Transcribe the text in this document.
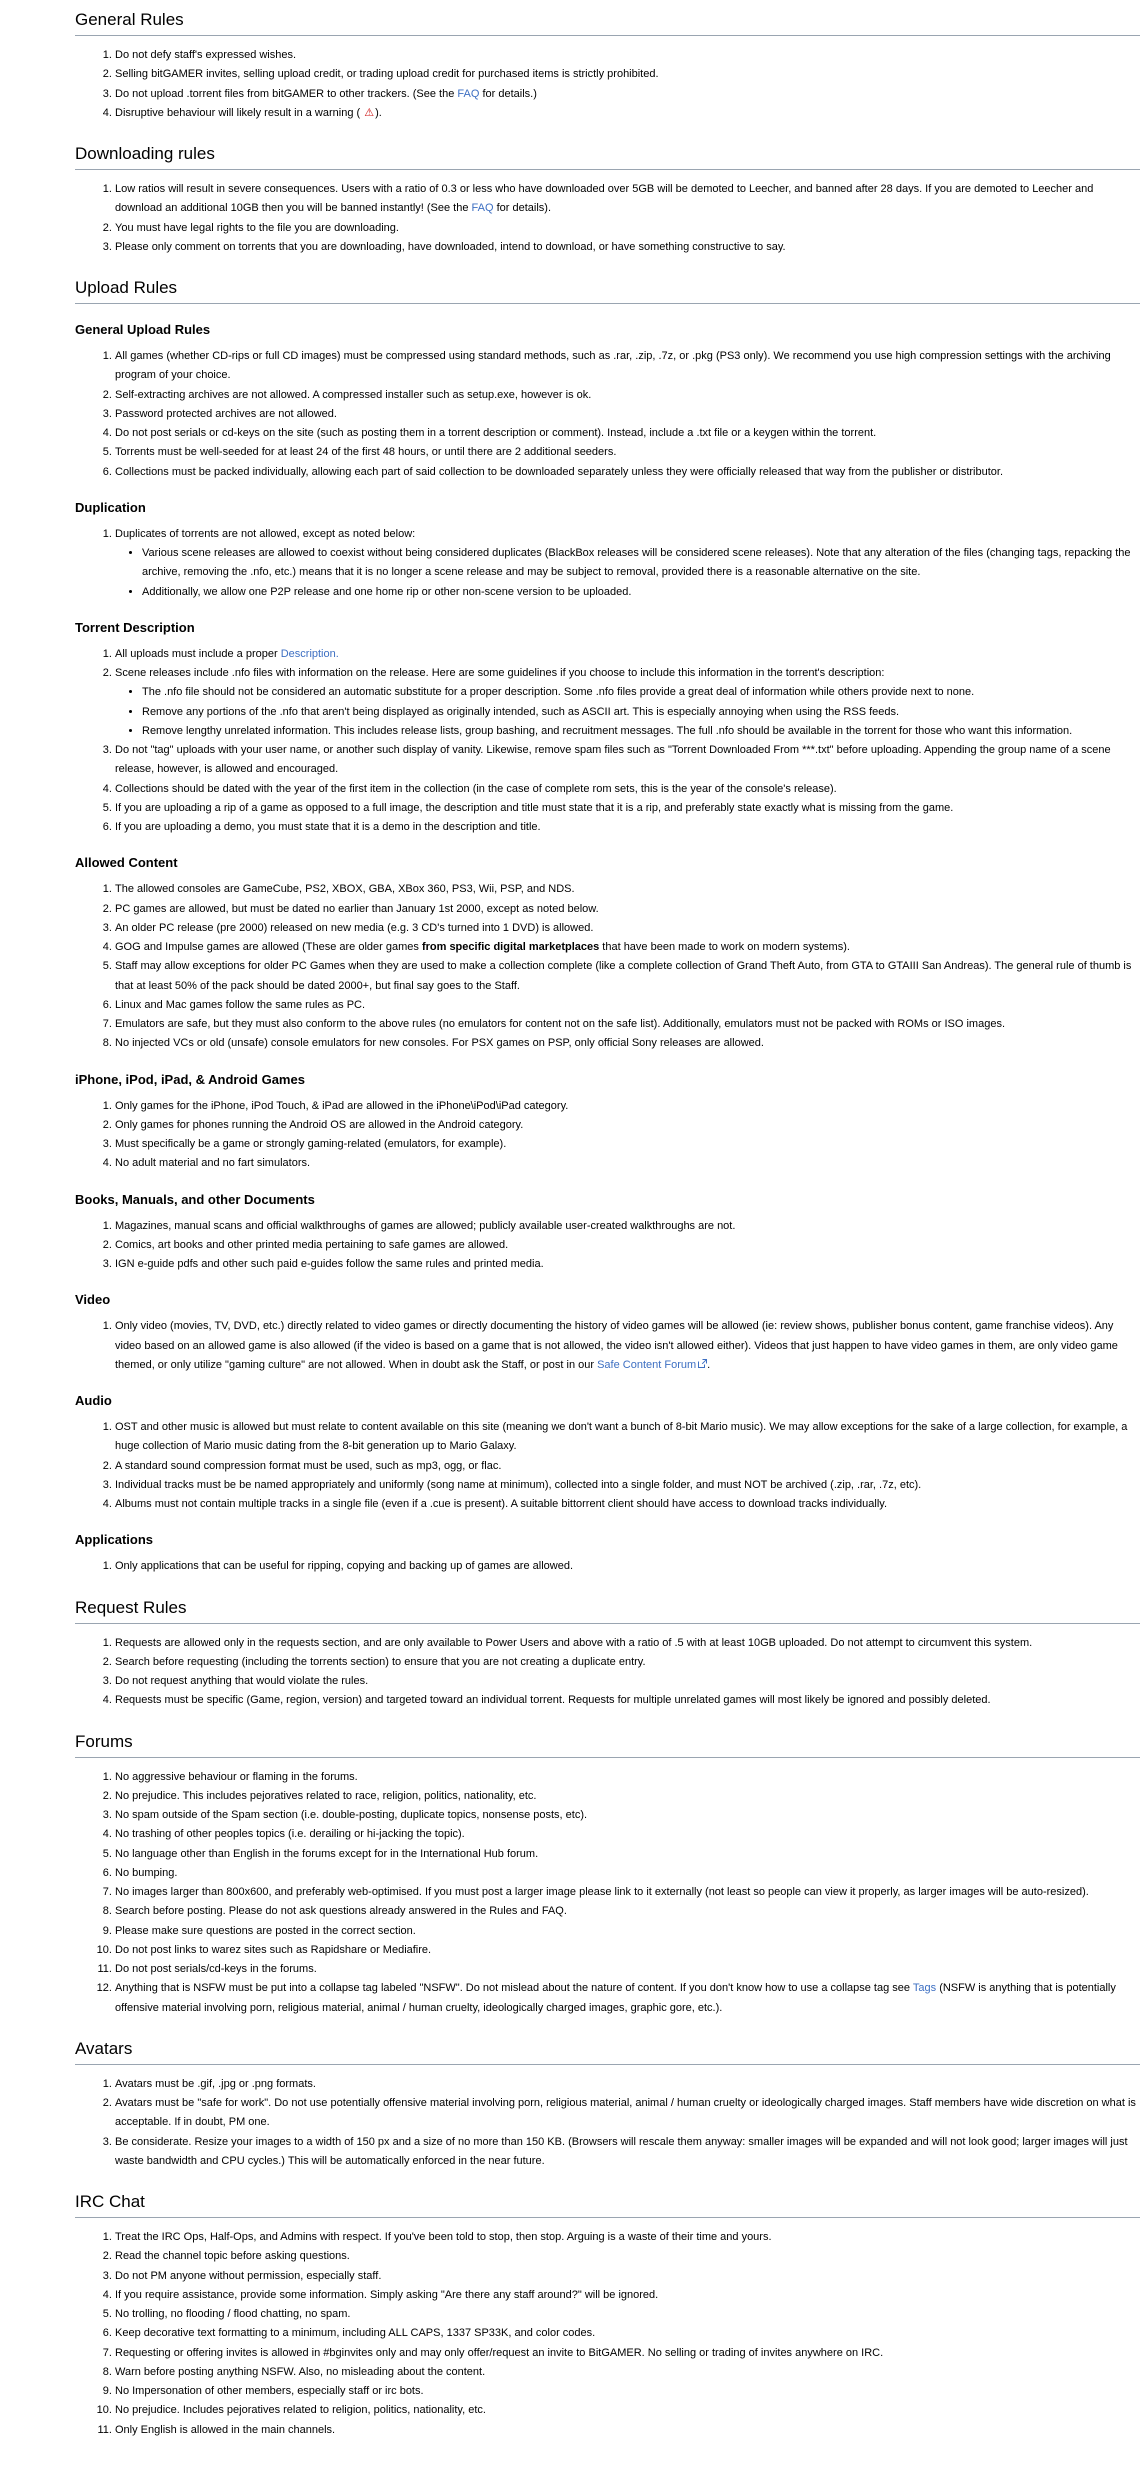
General Rules
1. Do not defy staff's expressed wishes.
2. Selling bitGAMER invites, selling upload credit, or trading upload credit for purchased items is strictly prohibited.
3. Do not upload .torrent files from bitGAMER to other trackers. (See the FAQ for details.)
4. Disruptive behaviour will likely result in a warning ( ⚠).
Downloading rules
1. Low ratios will result in severe consequences. Users with a ratio of 0.3 or less who have downloaded over 5GB will be demoted to Leecher, and banned after 28 days. If you are demoted to Leecher and download an additional 10GB then you will be banned instantly! (See the FAQ for details).
2. You must have legal rights to the file you are downloading.
3. Please only comment on torrents that you are downloading, have downloaded, intend to download, or have something constructive to say.
Upload Rules
General Upload Rules
1. All games (whether CD-rips or full CD images) must be compressed using standard methods, such as .rar, .zip, .7z, or .pkg (PS3 only). We recommend you use high compression settings with the archiving program of your choice.
2. Self-extracting archives are not allowed. A compressed installer such as setup.exe, however is ok.
3. Password protected archives are not allowed.
4. Do not post serials or cd-keys on the site (such as posting them in a torrent description or comment). Instead, include a .txt file or a keygen within the torrent.
5. Torrents must be well-seeded for at least 24 of the first 48 hours, or until there are 2 additional seeders.
6. Collections must be packed individually, allowing each part of said collection to be downloaded separately unless they were officially released that way from the publisher or distributor.
Duplication
1. Duplicates of torrents are not allowed, except as noted below:
• Various scene releases are allowed to coexist without being considered duplicates (BlackBox releases will be considered scene releases). Note that any alteration of the files (changing tags, repacking the archive, removing the .nfo, etc.) means that it is no longer a scene release and may be subject to removal, provided there is a reasonable alternative on the site.
• Additionally, we allow one P2P release and one home rip or other non-scene version to be uploaded.
Torrent Description
1. All uploads must include a proper Description.
2. Scene releases include .nfo files with information on the release. Here are some guidelines if you choose to include this information in the torrent's description:
• The .nfo file should not be considered an automatic substitute for a proper description. Some .nfo files provide a great deal of information while others provide next to none.
• Remove any portions of the .nfo that aren't being displayed as originally intended, such as ASCII art. This is especially annoying when using the RSS feeds.
• Remove lengthy unrelated information. This includes release lists, group bashing, and recruitment messages. The full .nfo should be available in the torrent for those who want this information.
3. Do not "tag" uploads with your user name, or another such display of vanity. Likewise, remove spam files such as "Torrent Downloaded From ***.txt" before uploading. Appending the group name of a scene release, however, is allowed and encouraged.
4. Collections should be dated with the year of the first item in the collection (in the case of complete rom sets, this is the year of the console's release).
5. If you are uploading a rip of a game as opposed to a full image, the description and title must state that it is a rip, and preferably state exactly what is missing from the game.
6. If you are uploading a demo, you must state that it is a demo in the description and title.
Allowed Content
1. The allowed consoles are GameCube, PS2, XBOX, GBA, XBox 360, PS3, Wii, PSP, and NDS.
2. PC games are allowed, but must be dated no earlier than January 1st 2000, except as noted below.
3. An older PC release (pre 2000) released on new media (e.g. 3 CD's turned into 1 DVD) is allowed.
4. GOG and Impulse games are allowed (These are older games from specific digital marketplaces that have been made to work on modern systems).
5. Staff may allow exceptions for older PC Games when they are used to make a collection complete (like a complete collection of Grand Theft Auto, from GTA to GTAIII San Andreas). The general rule of thumb is that at least 50% of the pack should be dated 2000+, but final say goes to the Staff.
6. Linux and Mac games follow the same rules as PC.
7. Emulators are safe, but they must also conform to the above rules (no emulators for content not on the safe list). Additionally, emulators must not be packed with ROMs or ISO images.
8. No injected VCs or old (unsafe) console emulators for new consoles. For PSX games on PSP, only official Sony releases are allowed.
iPhone, iPod, iPad, & Android Games
1. Only games for the iPhone, iPod Touch, & iPad are allowed in the iPhone\iPod\iPad category.
2. Only games for phones running the Android OS are allowed in the Android category.
3. Must specifically be a game or strongly gaming-related (emulators, for example).
4. No adult material and no fart simulators.
Books, Manuals, and other Documents
1. Magazines, manual scans and official walkthroughs of games are allowed; publicly available user-created walkthroughs are not.
2. Comics, art books and other printed media pertaining to safe games are allowed.
3. IGN e-guide pdfs and other such paid e-guides follow the same rules and printed media.
Video
1. Only video (movies, TV, DVD, etc.) directly related to video games or directly documenting the history of video games will be allowed (ie: review shows, publisher bonus content, game franchise videos). Any video based on an allowed game is also allowed (if the video is based on a game that is not allowed, the video isn't allowed either). Videos that just happen to have video games in them, are only video game themed, or only utilize "gaming culture" are not allowed. When in doubt ask the Staff, or post in our Safe Content Forum .
Audio
1. OST and other music is allowed but must relate to content available on this site (meaning we don't want a bunch of 8-bit Mario music). We may allow exceptions for the sake of a large collection, for example, a huge collection of Mario music dating from the 8-bit generation up to Mario Galaxy.
2. A standard sound compression format must be used, such as mp3, ogg, or flac.
3. Individual tracks must be be named appropriately and uniformly (song name at minimum), collected into a single folder, and must NOT be archived (.zip, .rar, .7z, etc).
4. Albums must not contain multiple tracks in a single file (even if a .cue is present). A suitable bittorrent client should have access to download tracks individually.
Applications
1. Only applications that can be useful for ripping, copying and backing up of games are allowed.
Request Rules
1. Requests are allowed only in the requests section, and are only available to Power Users and above with a ratio of .5 with at least 10GB uploaded. Do not attempt to circumvent this system.
2. Search before requesting (including the torrents section) to ensure that you are not creating a duplicate entry.
3. Do not request anything that would violate the rules.
4. Requests must be specific (Game, region, version) and targeted toward an individual torrent. Requests for multiple unrelated games will most likely be ignored and possibly deleted.
Forums
1. No aggressive behaviour or flaming in the forums.
2. No prejudice. This includes pejoratives related to race, religion, politics, nationality, etc.
3. No spam outside of the Spam section (i.e. double-posting, duplicate topics, nonsense posts, etc).
4. No trashing of other peoples topics (i.e. derailing or hi-jacking the topic).
5. No language other than English in the forums except for in the International Hub forum.
6. No bumping.
7. No images larger than 800x600, and preferably web-optimised. If you must post a larger image please link to it externally (not least so people can view it properly, as larger images will be auto-resized).
8. Search before posting. Please do not ask questions already answered in the Rules and FAQ.
9. Please make sure questions are posted in the correct section.
10. Do not post links to warez sites such as Rapidshare or Mediafire.
11. Do not post serials/cd-keys in the forums.
12. Anything that is NSFW must be put into a collapse tag labeled "NSFW". Do not mislead about the nature of content. If you don't know how to use a collapse tag see Tags (NSFW is anything that is potentially offensive material involving porn, religious material, animal / human cruelty, ideologically charged images, graphic gore, etc.).
Avatars
1. Avatars must be .gif, .jpg or .png formats.
2. Avatars must be "safe for work". Do not use potentially offensive material involving porn, religious material, animal / human cruelty or ideologically charged images. Staff members have wide discretion on what is acceptable. If in doubt, PM one.
3. Be considerate. Resize your images to a width of 150 px and a size of no more than 150 KB. (Browsers will rescale them anyway: smaller images will be expanded and will not look good; larger images will just waste bandwidth and CPU cycles.) This will be automatically enforced in the near future.
IRC Chat
1. Treat the IRC Ops, Half-Ops, and Admins with respect. If you've been told to stop, then stop. Arguing is a waste of their time and yours.
2. Read the channel topic before asking questions.
3. Do not PM anyone without permission, especially staff.
4. If you require assistance, provide some information. Simply asking "Are there any staff around?" will be ignored.
5. No trolling, no flooding / flood chatting, no spam.
6. Keep decorative text formatting to a minimum, including ALL CAPS, 1337 SP33K, and color codes.
7. Requesting or offering invites is allowed in #bginvites only and may only offer/request an invite to BitGAMER. No selling or trading of invites anywhere on IRC.
8. Warn before posting anything NSFW. Also, no misleading about the content.
9. No Impersonation of other members, especially staff or irc bots.
10. No prejudice. Includes pejoratives related to religion, politics, nationality, etc.
11. Only English is allowed in the main channels.
